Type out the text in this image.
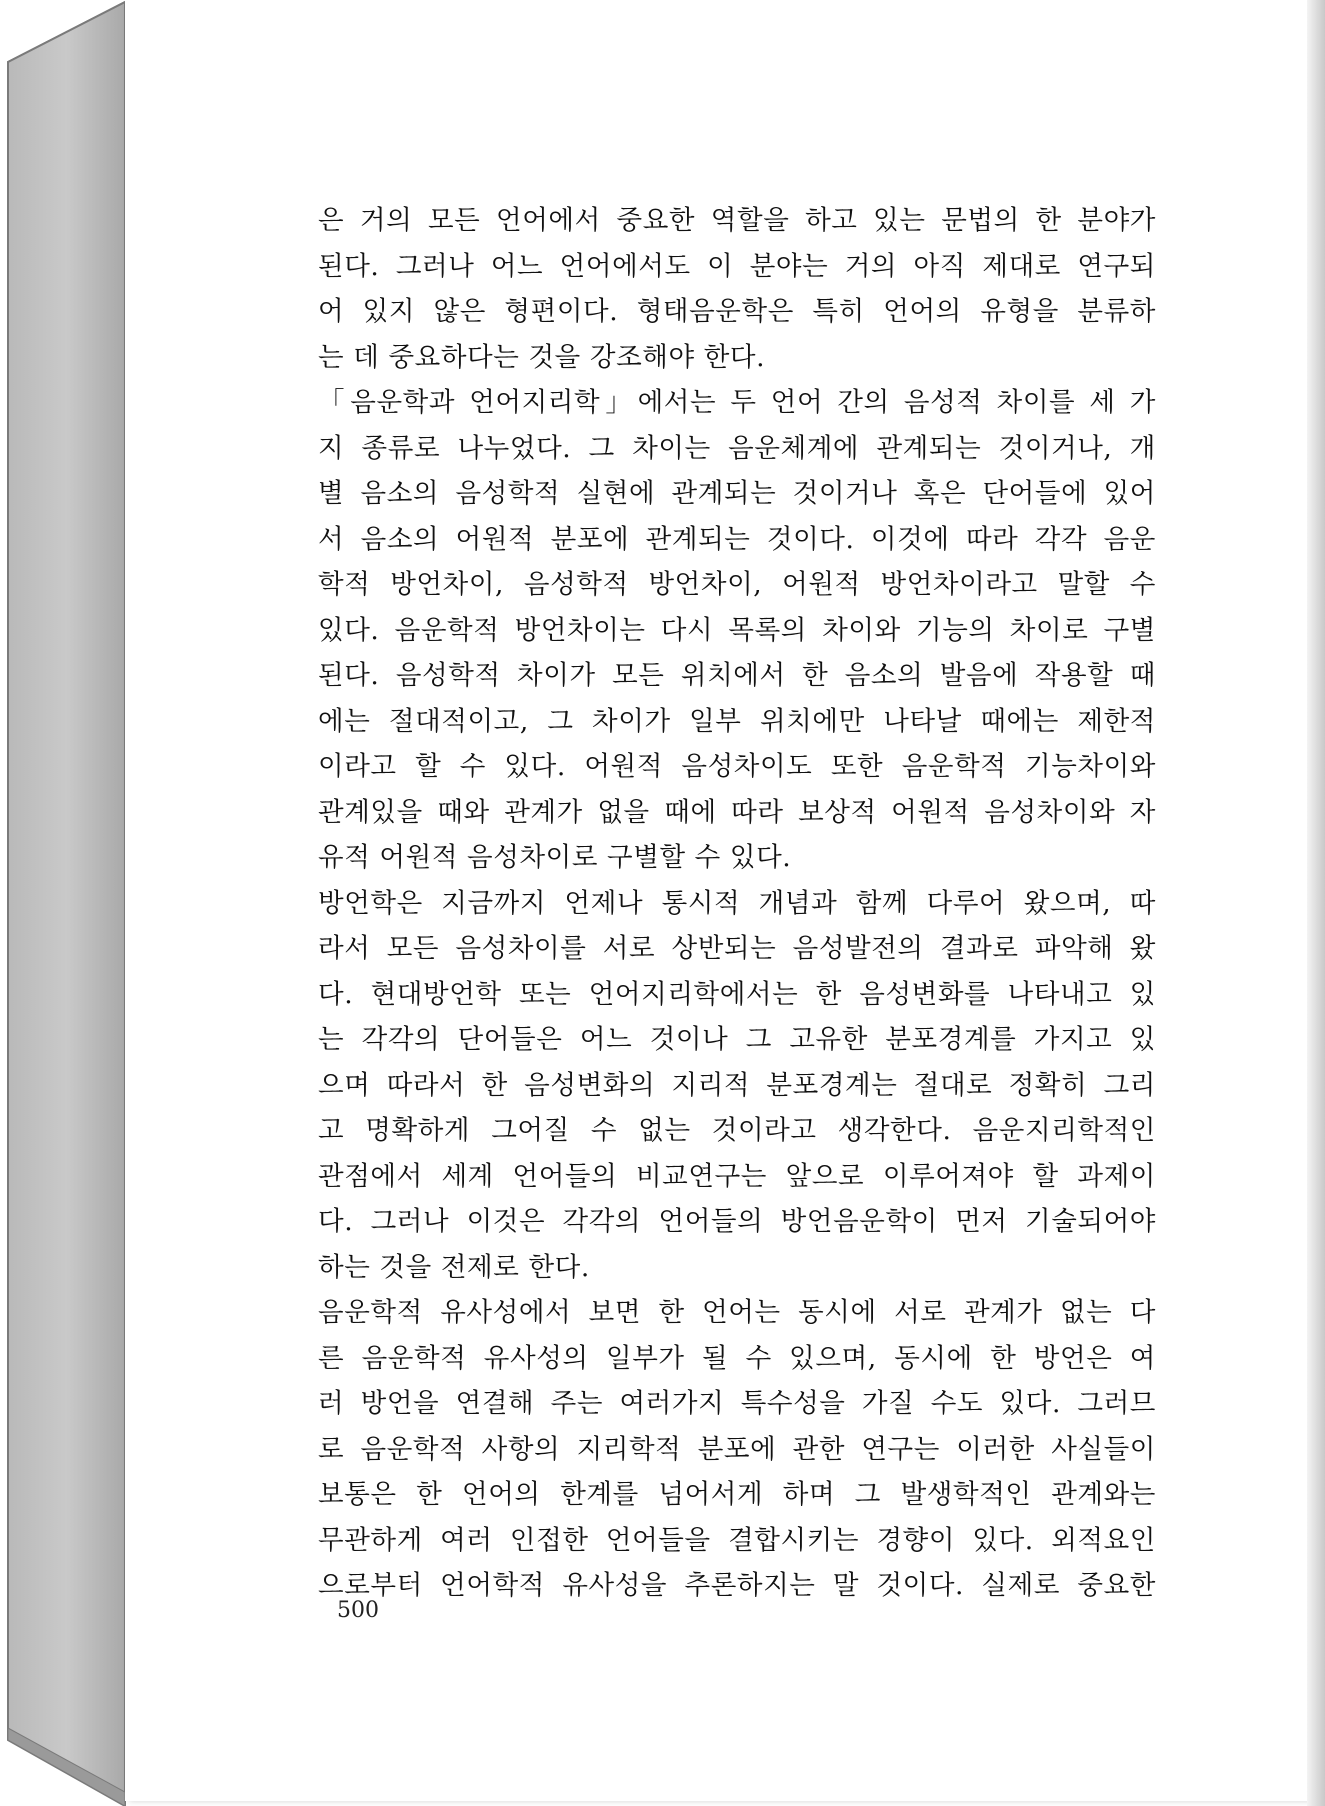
은 거의 모든 언어에서 중요한 역할을 하고 있는 문법의 한 분야가
된다. 그러나 어느 언어에서도 이 분야는 거의 아직 제대로 연구되
어 있지 않은 형편이다. 형태음운학은 특히 언어의 유형을 분류하
는 데 중요하다는 것을 강조해야 한다.
「음운학과 언어지리학」에서는 두 언어 간의 음성적 차이를 세 가
지 종류로 나누었다. 그 차이는 음운체계에 관계되는 것이거나, 개
별 음소의 음성학적 실현에 관계되는 것이거나 혹은 단어들에 있어
서 음소의 어원적 분포에 관계되는 것이다. 이것에 따라 각각 음운
학적 방언차이, 음성학적 방언차이, 어원적 방언차이라고 말할 수
있다. 음운학적 방언차이는 다시 목록의 차이와 기능의 차이로 구별
된다. 음성학적 차이가 모든 위치에서 한 음소의 발음에 작용할 때
에는 절대적이고, 그 차이가 일부 위치에만 나타날 때에는 제한적
이라고 할 수 있다. 어원적 음성차이도 또한 음운학적 기능차이와
관계있을 때와 관계가 없을 때에 따라 보상적 어원적 음성차이와 자
유적 어원적 음성차이로 구별할 수 있다.
방언학은 지금까지 언제나 통시적 개념과 함께 다루어 왔으며, 따
라서 모든 음성차이를 서로 상반되는 음성발전의 결과로 파악해 왔
다. 현대방언학 또는 언어지리학에서는 한 음성변화를 나타내고 있
는 각각의 단어들은 어느 것이나 그 고유한 분포경계를 가지고 있
으며 따라서 한 음성변화의 지리적 분포경계는 절대로 정확히 그리
고 명확하게 그어질 수 없는 것이라고 생각한다. 음운지리학적인
관점에서 세계 언어들의 비교연구는 앞으로 이루어져야 할 과제이
다. 그러나 이것은 각각의 언어들의 방언음운학이 먼저 기술되어야
하는 것을 전제로 한다.
음운학적 유사성에서 보면 한 언어는 동시에 서로 관계가 없는 다
른 음운학적 유사성의 일부가 될 수 있으며, 동시에 한 방언은 여
러 방언을 연결해 주는 여러가지 특수성을 가질 수도 있다. 그러므
로 음운학적 사항의 지리학적 분포에 관한 연구는 이러한 사실들이
보통은 한 언어의 한계를 넘어서게 하며 그 발생학적인 관계와는
무관하게 여러 인접한 언어들을 결합시키는 경향이 있다. 외적요인
으로부터 언어학적 유사성을 추론하지는 말 것이다. 실제로 중요한
500
